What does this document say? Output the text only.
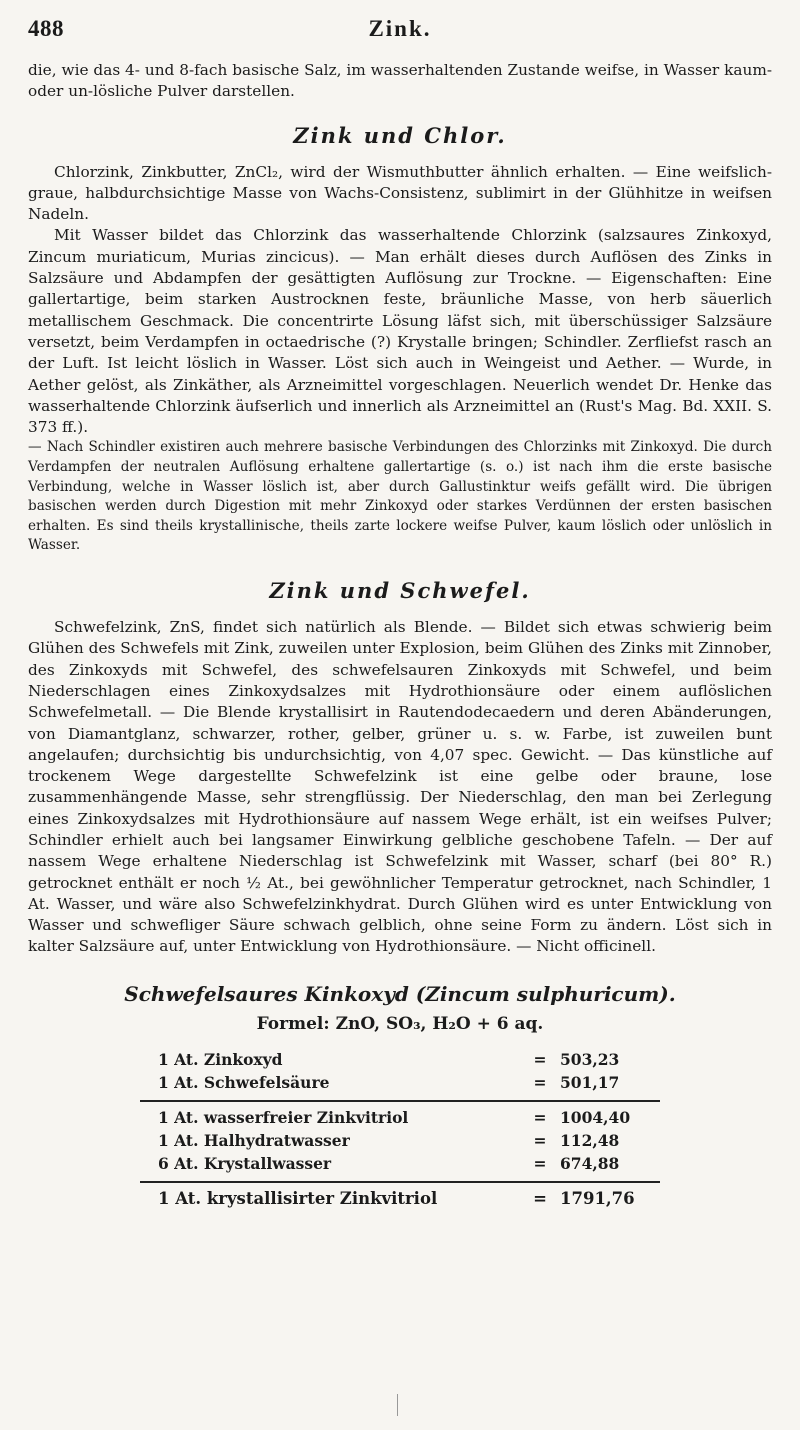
488	Zink.

die, wie das 4- und 8-fach basische Salz, im wasserhaltenden Zustande weifse, in Wasser kaum- oder un-lösliche Pulver darstellen.

Zink und Chlor.

Chlorzink, Zinkbutter, ZnCl₂, wird der Wismuthbutter ähnlich erhalten. — Eine weifslich-graue, halbdurchsichtige Masse von Wachs-Consistenz, sublimirt in der Glühhitze in weifsen Nadeln.

Mit Wasser bildet das Chlorzink das wasserhaltende Chlorzink (salzsaures Zinkoxyd, Zincum muriaticum, Murias zincicus). — Man erhält dieses durch Auflösen des Zinks in Salzsäure und Abdampfen der gesättigten Auflösung zur Trockne. — Eigenschaften: Eine gallertartige, beim starken Austrocknen feste, bräunliche Masse, von herb säuerlich metallischem Geschmack. Die concentrirte Lösung läfst sich, mit überschüssiger Salzsäure versetzt, beim Verdampfen in octaedrische (?) Krystalle bringen; Schindler. Zerfliefst rasch an der Luft. Ist leicht löslich in Wasser. Löst sich auch in Weingeist und Aether. — Wurde, in Aether gelöst, als Zinkäther, als Arzneimittel vorgeschlagen. Neuerlich wendet Dr. Henke das wasserhaltende Chlorzink äufserlich und innerlich als Arzneimittel an (Rust's Mag. Bd. XXII. S. 373 ff.).

— Nach Schindler existiren auch mehrere basische Verbindungen des Chlorzinks mit Zinkoxyd. Die durch Verdampfen der neutralen Auflösung erhaltene gallertartige (s. o.) ist nach ihm die erste basische Verbindung, welche in Wasser löslich ist, aber durch Gallustinktur weifs gefällt wird. Die übrigen basischen werden durch Digestion mit mehr Zinkoxyd oder starkes Verdünnen der ersten basischen erhalten. Es sind theils krystallinische, theils zarte lockere weifse Pulver, kaum löslich oder unlöslich in Wasser.

Zink und Schwefel.

Schwefelzink, ZnS, findet sich natürlich als Blende. — Bildet sich etwas schwierig beim Glühen des Schwefels mit Zink, zuweilen unter Explosion, beim Glühen des Zinks mit Zinnober, des Zinkoxyds mit Schwefel, des schwefelsauren Zinkoxyds mit Schwefel, und beim Niederschlagen eines Zinkoxydsalzes mit Hydrothionsäure oder einem auflöslichen Schwefelmetall. — Die Blende krystallisirt in Rautendodecaedern und deren Abänderungen, von Diamantglanz, schwarzer, rother, gelber, grüner u. s. w. Farbe, ist zuweilen bunt angelaufen; durchsichtig bis undurchsichtig, von 4,07 spec. Gewicht. — Das künstliche auf trockenem Wege dargestellte Schwefelzink ist eine gelbe oder braune, lose zusammenhängende Masse, sehr strengflüssig. Der Niederschlag, den man bei Zerlegung eines Zinkoxydsalzes mit Hydrothionsäure auf nassem Wege erhält, ist ein weifses Pulver; Schindler erhielt auch bei langsamer Einwirkung gelbliche geschobene Tafeln. — Der auf nassem Wege erhaltene Niederschlag ist Schwefelzink mit Wasser, scharf (bei 80° R.) getrocknet enthält er noch ½ At., bei gewöhnlicher Temperatur getrocknet, nach Schindler, 1 At. Wasser, und wäre also Schwefelzinkhydrat. Durch Glühen wird es unter Entwicklung von Wasser und schwefliger Säure schwach gelblich, ohne seine Form zu ändern. Löst sich in kalter Salzsäure auf, unter Entwicklung von Hydrothionsäure. — Nicht officinell.

Schwefelsaures Kinkoxyd (Zincum sulphuricum).
Formel: ZnO, SO₃, H₂O + 6 aq.
1 At. Zinkoxyd	=	503,23
1 At. Schwefelsäure	=	501,17
1 At. wasserfreier Zinkvitriol	=	1004,40
1 At. Halhydratwasser	=	112,48
6 At. Krystallwasser	=	674,88
1 At. krystallisirter Zinkvitriol	=	1791,76
